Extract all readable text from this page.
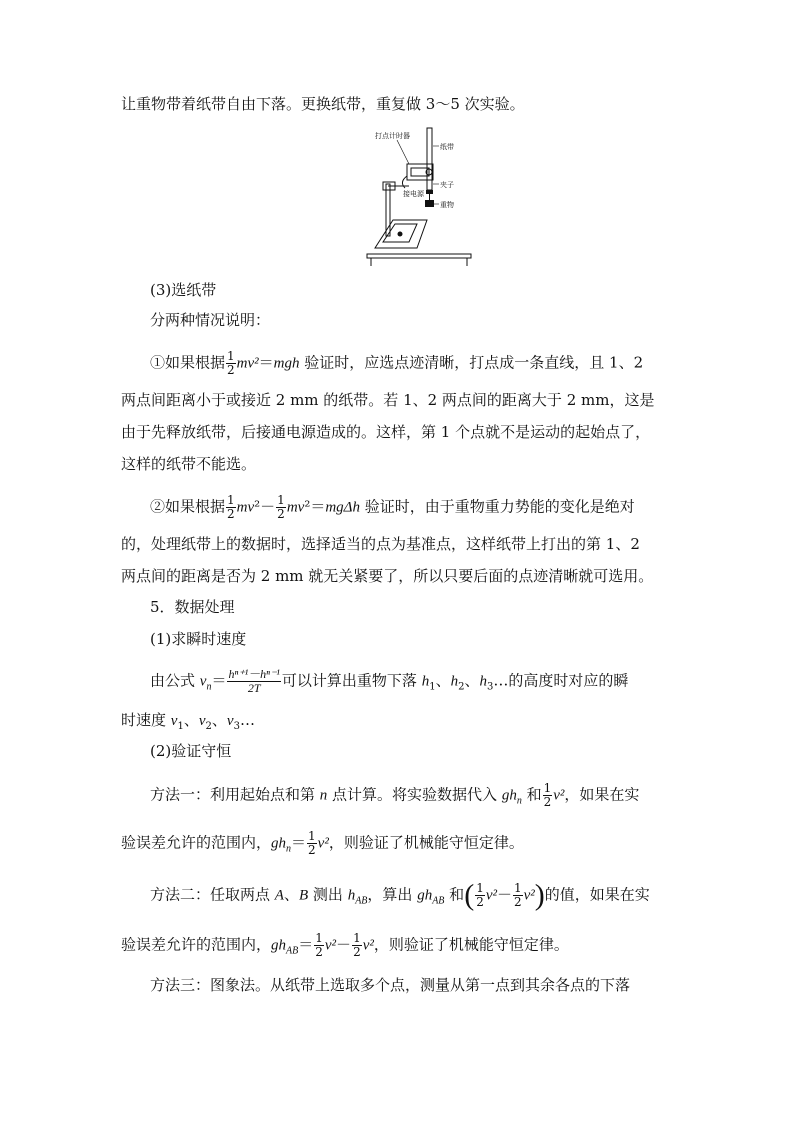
让重物带着纸带自由下落。更换纸带，重复做 3～5 次实验。
打点计时器
纸带
夹子
接电源
重物
(3)选纸带
分两种情况说明：
①如果根据 $\frac{1}{2} mv^2=mgh$ 验证时，应选点迹清晰，打点成一条直线，且 1、2
两点间距离小于或接近 2 mm 的纸带。若 1、2 两点间的距离大于 2 mm，这是
由于先释放纸带，后接通电源造成的。这样，第 1 个点就不是运动的起始点了，
这样的纸带不能选。
②如果根据 $\frac{1}{2} mv^2- \frac{1}{2} mv^2=mg\Delta h$ 验证时，由于重物重力势能的变化是绝对
的，处理纸带上的数据时，选择适当的点为基准点，这样纸带上打出的第 1、2
两点间的距离是否为 2 mm 就无关紧要了，所以只要后面的点迹清晰就可选用。
5．数据处理
(1)求瞬时速度
由公式 $v_n= \frac{\text{hⁿ⁺¹－hⁿ⁻¹}}{2T}$ 可以计算出重物下落 $h_1$、$h_2$、$h_3\dots$的高度时对应的瞬
时速度 $v_1$、$v_2$、$v_3\dots$
(2)验证守恒
方法一：利用起始点和第 n 点计算。将实验数据代入 $gh_n$ 和 $\frac{1}{2} v^2$，如果在实
验误差允许的范围内，$gh_n= \frac{1}{2} v^2$，则验证了机械能守恒定律。
方法二：任取两点 A、B 测出 $h_{AB}$，算出 $gh_{AB}$ 和( $\frac{1}{2} v^2- \frac{1}{2} v^2$)的值，如果在实
验误差允许的范围内，$gh_{AB}= \frac{1}{2} v^2- \frac{1}{2} v^2$，则验证了机械能守恒定律。
方法三：图象法。从纸带上选取多个点，测量从第一点到其余各点的下落
